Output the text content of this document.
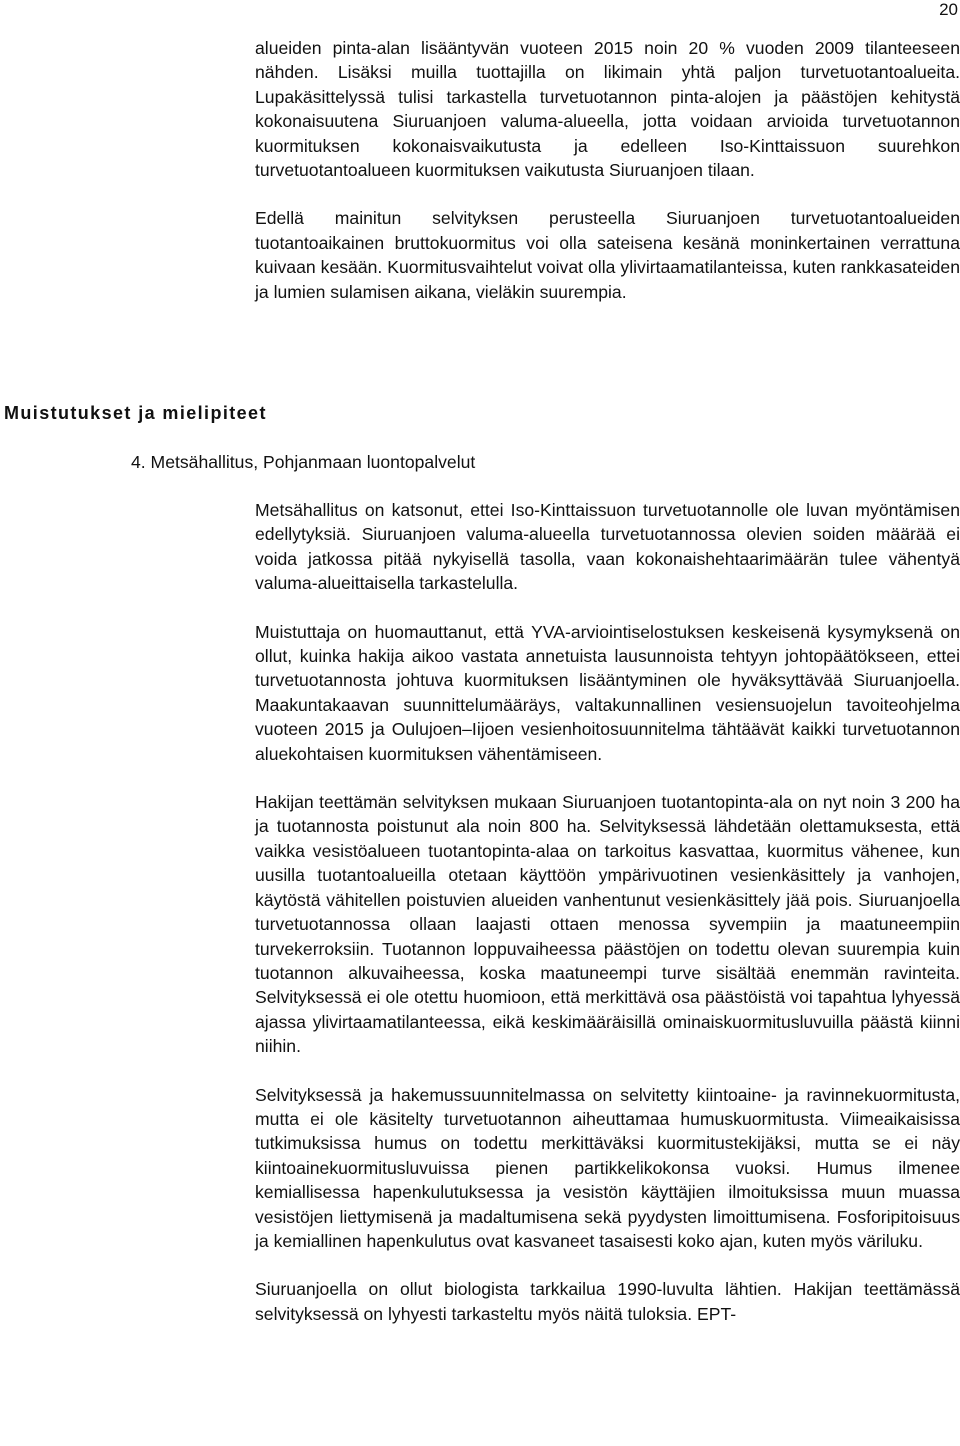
20

alueiden pinta-alan lisääntyvän vuoteen 2015 noin 20 % vuoden 2009 tilanteeseen nähden. Lisäksi muilla tuottajilla on likimain yhtä paljon turvetuotantoalueita. Lupakäsittelyssä tulisi tarkastella turvetuotannon pinta-alojen ja päästöjen kehitystä kokonaisuutena Siuruanjoen valuma-alueella, jotta voidaan arvioida turvetuotannon kuormituksen kokonaisvaikutusta ja edelleen Iso-Kinttaissuon suurehkon turvetuotantoalueen kuormituksen vaikutusta Siuruanjoen tilaan.

Edellä mainitun selvityksen perusteella Siuruanjoen turvetuotantoalueiden tuotantoaikainen bruttokuormitus voi olla sateisena kesänä moninkertainen verrattuna kuivaan kesään. Kuormitusvaihtelut voivat olla ylivirtaamatilanteissa, kuten rankkasateiden ja lumien sulamisen aikana, vieläkin suurempia.

Muistutukset ja mielipiteet
4. Metsähallitus, Pohjanmaan luontopalvelut

Metsähallitus on katsonut, ettei Iso-Kinttaissuon turvetuotannolle ole luvan myöntämisen edellytyksiä. Siuruanjoen valuma-alueella turvetuotannossa olevien soiden määrää ei voida jatkossa pitää nykyisellä tasolla, vaan kokonaishehtaarimäärän tulee vähentyä valuma-alueittaisella tarkastelulla.

Muistuttaja on huomauttanut, että YVA-arviointiselostuksen keskeisenä kysymyksenä on ollut, kuinka hakija aikoo vastata annetuista lausunnoista tehtyyn johtopäätökseen, ettei turvetuotannosta johtuva kuormituksen lisääntyminen ole hyväksyttävää Siuruanjoella. Maakuntakaavan suunnittelumääräys, valtakunnallinen vesiensuojelun tavoiteohjelma vuoteen 2015 ja Oulujoen–Iijoen vesienhoitosuunnitelma tähtäävät kaikki turvetuotannon aluekohtaisen kuormituksen vähentämiseen.

Hakijan teettämän selvityksen mukaan Siuruanjoen tuotantopinta-ala on nyt noin 3 200 ha ja tuotannosta poistunut ala noin 800 ha. Selvityksessä lähdetään olettamuksesta, että vaikka vesistöalueen tuotantopinta-alaa on tarkoitus kasvattaa, kuormitus vähenee, kun uusilla tuotantoalueilla otetaan käyttöön ympärivuotinen vesienkäsittely ja vanhojen, käytöstä vähitellen poistuvien alueiden vanhentunut vesienkäsittely jää pois. Siuruanjoella turvetuotannossa ollaan laajasti ottaen menossa syvempiin ja maatuneempiin turvekerroksiin. Tuotannon loppuvaiheessa päästöjen on todettu olevan suurempia kuin tuotannon alkuvaiheessa, koska maatuneempi turve sisältää enemmän ravinteita. Selvityksessä ei ole otettu huomioon, että merkittävä osa päästöistä voi tapahtua lyhyessä ajassa ylivirtaamatilanteessa, eikä keskimääräisillä ominaiskuormitusluvuilla päästä kiinni niihin.

Selvityksessä ja hakemussuunnitelmassa on selvitetty kiintoaine- ja ravinnekuormitusta, mutta ei ole käsitelty turvetuotannon aiheuttamaa humuskuormitusta. Viimeaikaisissa tutkimuksissa humus on todettu merkittäväksi kuormitustekijäksi, mutta se ei näy kiintoainekuormitusluvuissa pienen partikkelikokonsa vuoksi. Humus ilmenee kemiallisessa hapenkulutuksessa ja vesistön käyttäjien ilmoituksissa muun muassa vesistöjen liettymisenä ja madaltumisena sekä pyydysten limoittumisena. Fosforipitoisuus ja kemiallinen hapenkulutus ovat kasvaneet tasaisesti koko ajan, kuten myös väriluku.

Siuruanjoella on ollut biologista tarkkailua 1990-luvulta lähtien. Hakijan teettämässä selvityksessä on lyhyesti tarkasteltu myös näitä tuloksia. EPT-
